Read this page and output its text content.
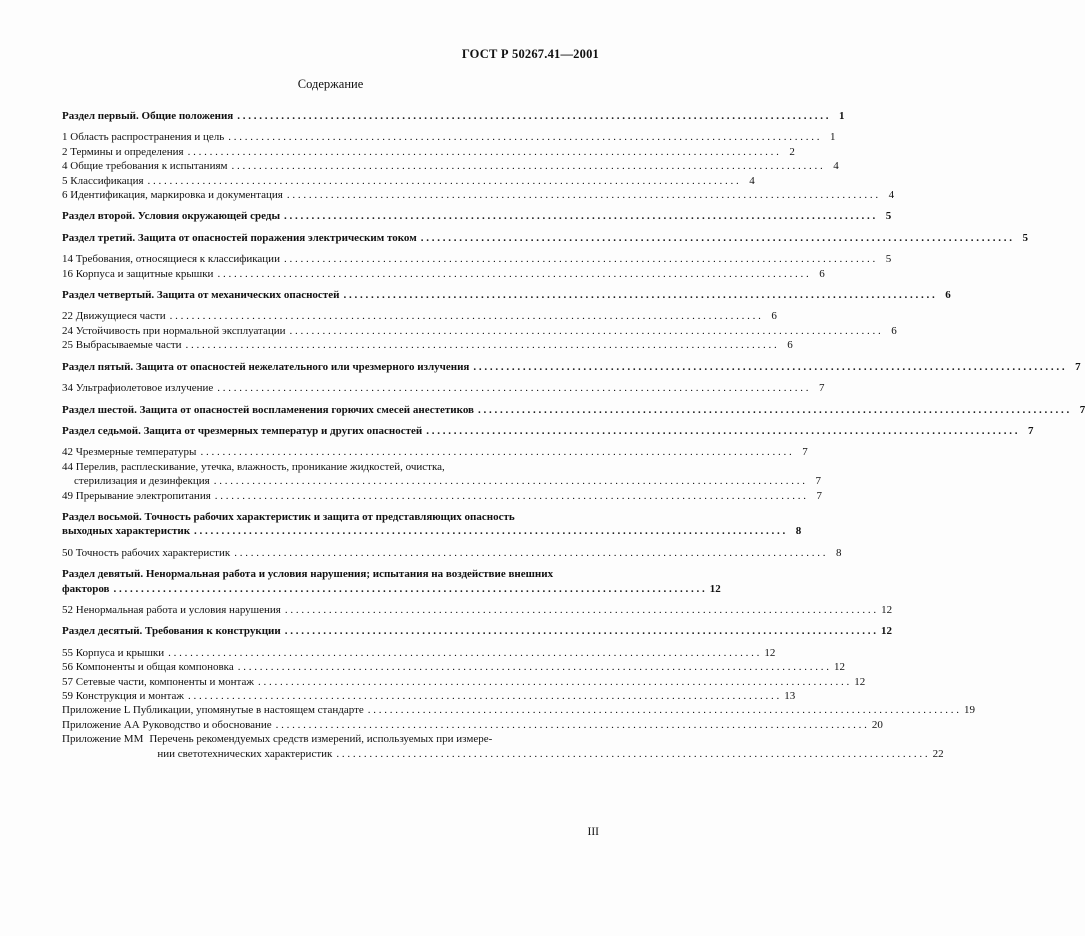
ГОСТ Р 50267.41—2001
Содержание
Раздел первый. Общие положения . . .	1
1 Область распространения и цель . . .	1
2 Термины и определения . . .	2
4 Общие требования к испытаниям . . .	4
5 Классификация . . .	4
6 Идентификация, маркировка и документация . . .	4
Раздел второй. Условия окружающей среды . . .	5
Раздел третий. Защита от опасностей поражения электрическим током . . .	5
14 Требования, относящиеся к классификации . . .	5
16 Корпуса и защитные крышки . . .	6
Раздел четвертый. Защита от механических опасностей . . .	6
22 Движущиеся части . . .	6
24 Устойчивость при нормальной эксплуатации . . .	6
25 Выбрасываемые части . . .	6
Раздел пятый. Защита от опасностей нежелательного или чрезмерного излучения . . .	7
34 Ультрафиолетовое излучение . . .	7
Раздел шестой. Защита от опасностей воспламенения горючих смесей анестетиков . . .	7
Раздел седьмой. Защита от чрезмерных температур и других опасностей . . .	7
42 Чрезмерные температуры . . .	7
44 Перелив, расплескивание, утечка, влажность, проникание жидкостей, очистка,
стерилизация и дезинфекция . . .	7
49 Прерывание электропитания . . .	7
Раздел восьмой. Точность рабочих характеристик и защита от представляющих опасность
выходных характеристик . . .	8
50 Точность рабочих характеристик . . .	8
Раздел девятый. Ненормальная работа и условия нарушения; испытания на воздействие внешних
факторов . . .	12
52 Ненормальная работа и условия нарушения . . .	12
Раздел десятый. Требования к конструкции . . .	12
55 Корпуса и крышки . . .	12
56 Компоненты и общая компоновка . . .	12
57 Сетевые части, компоненты и монтаж . . .	12
59 Конструкция и монтаж . . .	13
Приложение L Публикации, упомянутые в настоящем стандарте . . .	19
Приложение АА Руководство и обоснование . . .	20
Приложение ММ Перечень рекомендуемых средств измерений, используемых при измере-
нии светотехнических характеристик . . .	22
III
